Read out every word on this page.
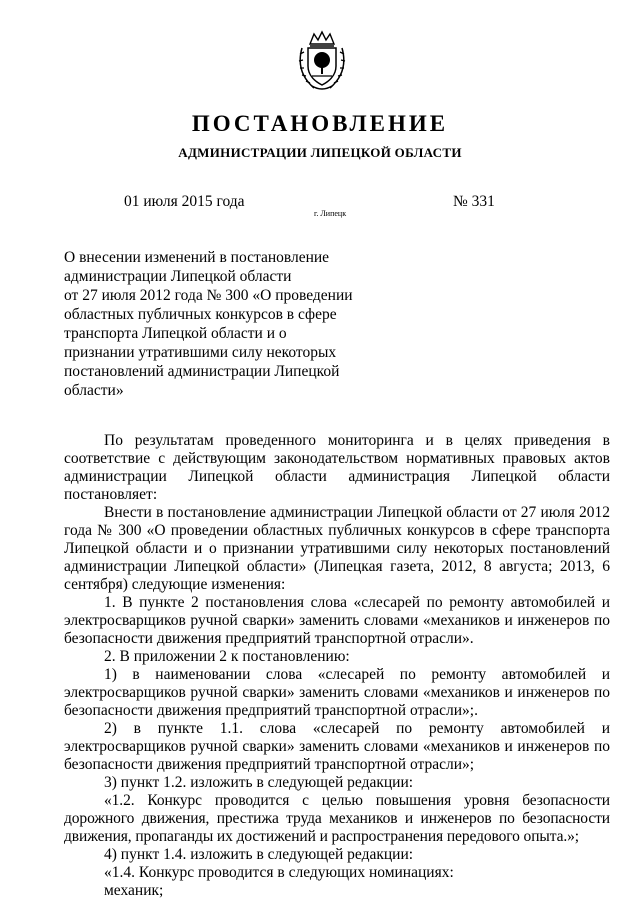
ПОСТАНОВЛЕНИЕ
АДМИНИСТРАЦИИ ЛИПЕЦКОЙ ОБЛАСТИ
01 июля 2015 года
г. Липецк
№ 331
О внесении изменений в постановление
администрации Липецкой области
от 27 июля 2012 года № 300 «О проведении
областных публичных конкурсов в сфере
транспорта Липецкой области и о
признании утратившими силу некоторых
постановлений администрации Липецкой
области»

По результатам проведенного мониторинга и в целях приведения в соответствие с действующим законодательством нормативных правовых актов администрации Липецкой области администрация Липецкой области постановляет:

Внести в постановление администрации Липецкой области от 27 июля 2012 года № 300 «О проведении областных публичных конкурсов в сфере транспорта Липецкой области и о признании утратившими силу некоторых постановлений администрации Липецкой области» (Липецкая газета, 2012, 8 августа; 2013, 6 сентября) следующие изменения:

1. В пункте 2 постановления слова «слесарей по ремонту автомобилей и электросварщиков ручной сварки» заменить словами «механиков и инженеров по безопасности движения предприятий транспортной отрасли».

2. В приложении 2 к постановлению:

1) в наименовании слова «слесарей по ремонту автомобилей и электросварщиков ручной сварки» заменить словами «механиков и инженеров по безопасности движения предприятий транспортной отрасли»;.

2) в пункте 1.1. слова «слесарей по ремонту автомобилей и электросварщиков ручной сварки» заменить словами «механиков и инженеров по безопасности движения предприятий транспортной отрасли»;

3) пункт 1.2. изложить в следующей редакции:

«1.2. Конкурс проводится с целью повышения уровня безопасности дорожного движения, престижа труда механиков и инженеров по безопасности движения, пропаганды их достижений и распространения передового опыта.»;

4) пункт 1.4. изложить в следующей редакции:

«1.4. Конкурс проводится в следующих номинациях:

механик;
